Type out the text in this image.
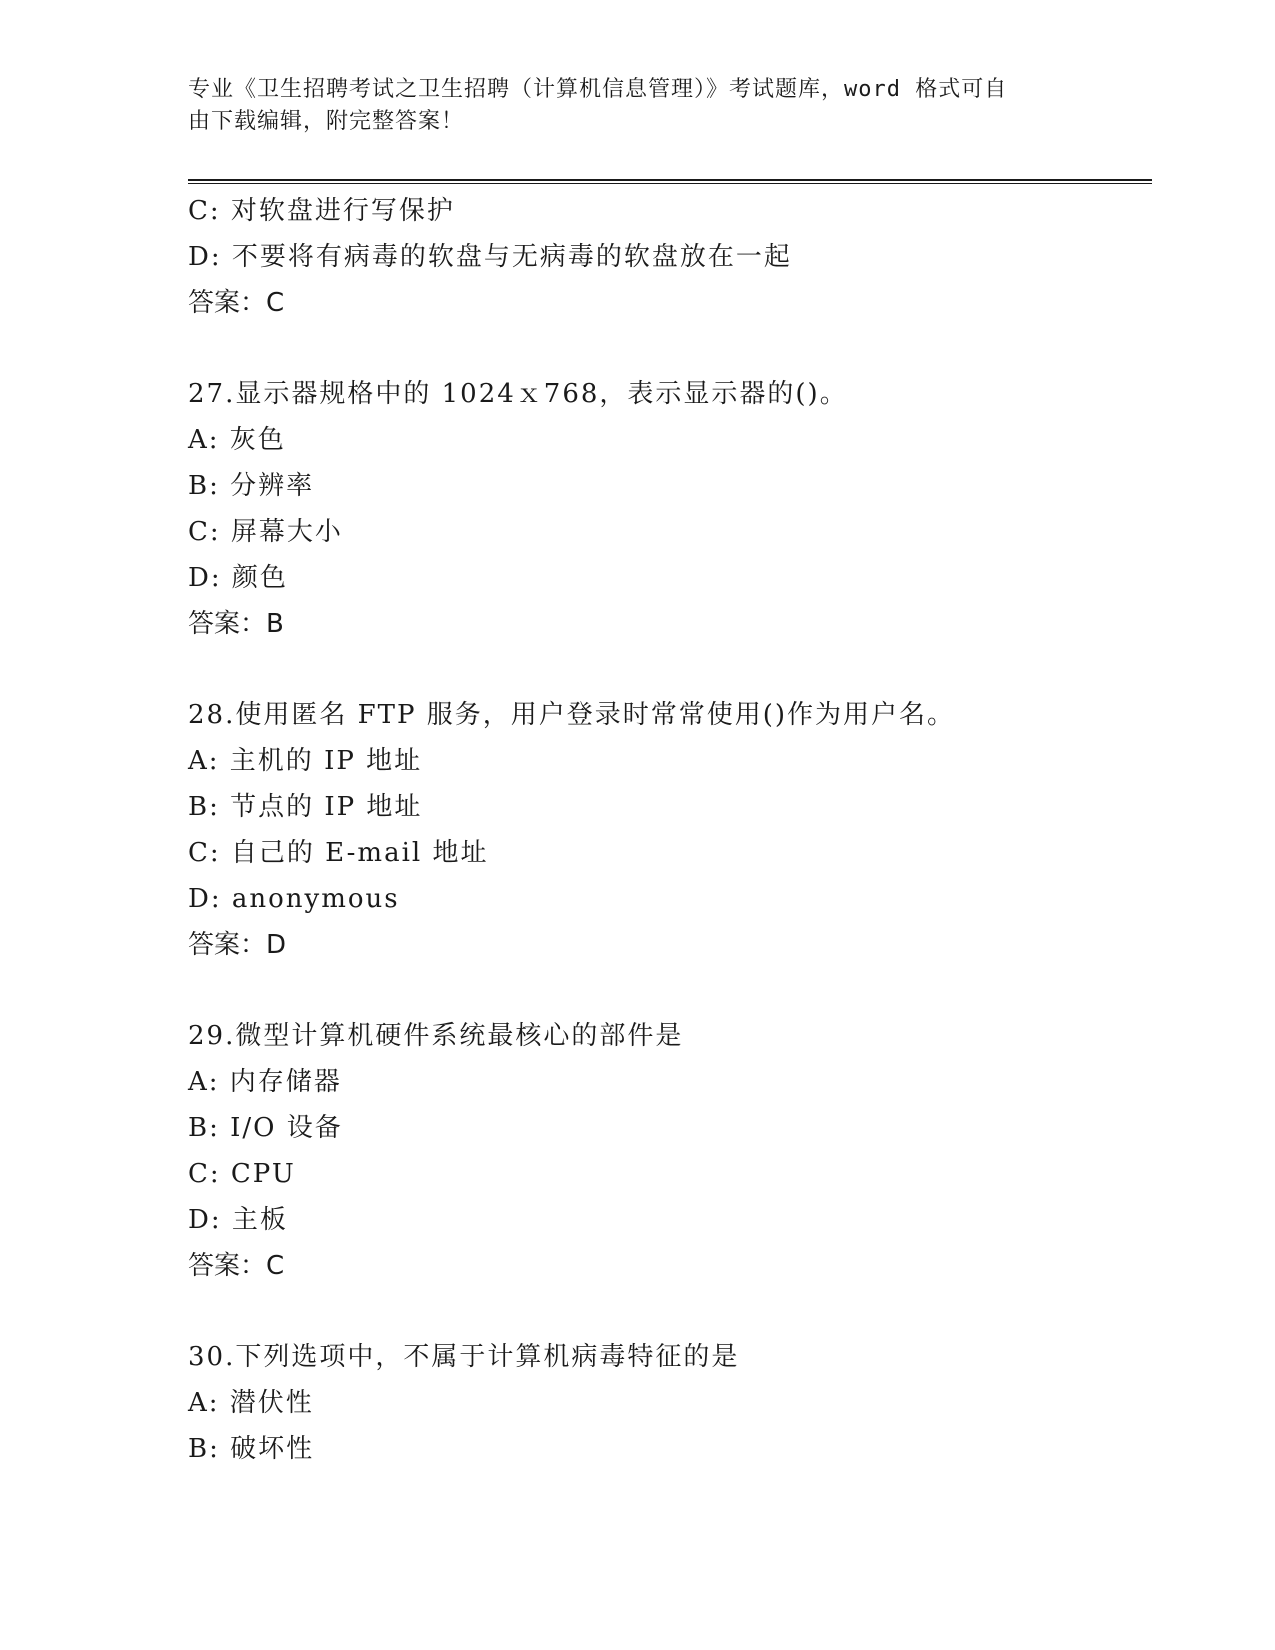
专业《卫生招聘考试之卫生招聘（计算机信息管理）》考试题库，word 格式可自
由下载编辑，附完整答案！
C: 对软盘进行写保护
D: 不要将有病毒的软盘与无病毒的软盘放在一起
答案：C
27.显示器规格中的 1024ｘ768，表示显示器的()。
A: 灰色
B: 分辨率
C: 屏幕大小
D: 颜色
答案：B
28.使用匿名 FTP 服务，用户登录时常常使用()作为用户名。
A: 主机的 IP 地址
B: 节点的 IP 地址
C: 自己的 E-mail 地址
D: anonymous
答案：D
29.微型计算机硬件系统最核心的部件是
A: 内存储器
B: I/O 设备
C: CPU
D: 主板
答案：C
30.下列选项中，不属于计算机病毒特征的是
A: 潜伏性
B: 破坏性
